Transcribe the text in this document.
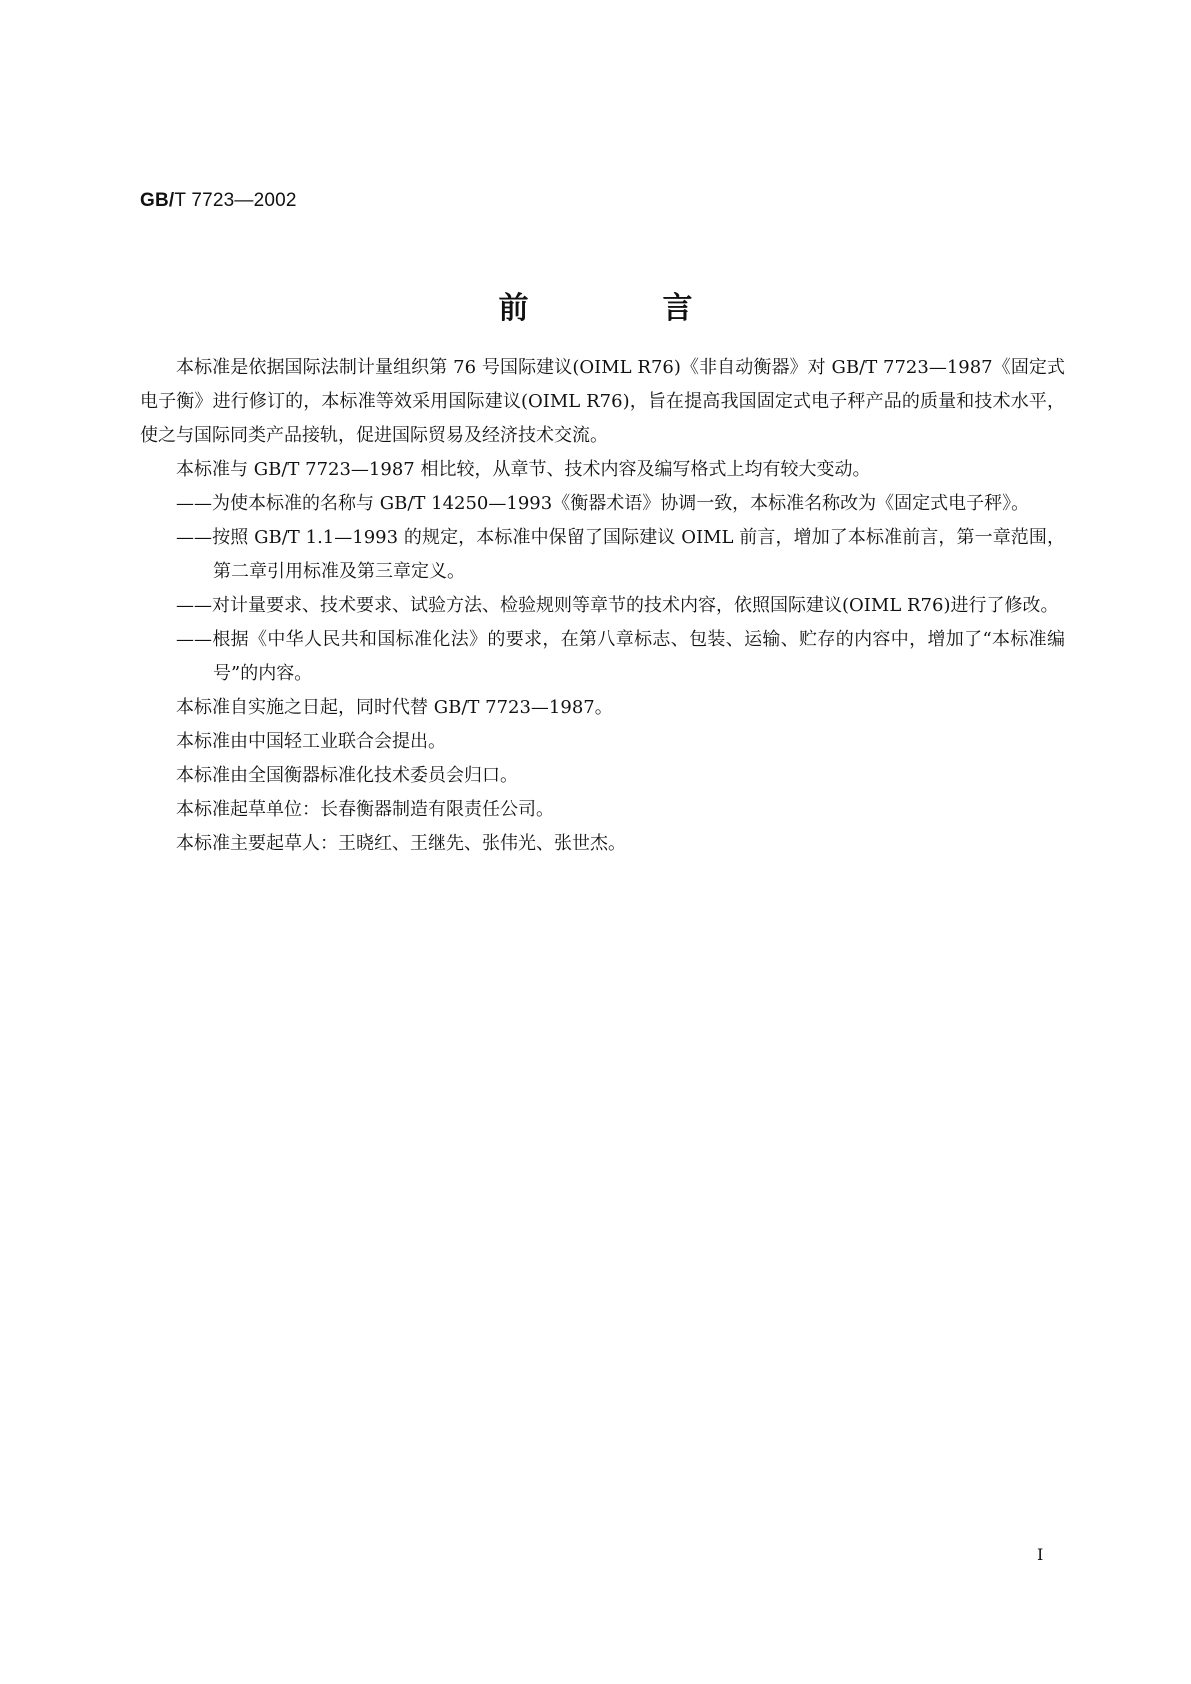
GB/T 7723—2002
前　言

本标准是依据国际法制计量组织第 76 号国际建议(OIML R76)《非自动衡器》对 GB/T 7723—1987《固定式电子衡》进行修订的，本标准等效采用国际建议(OIML R76)，旨在提高我国固定式电子秤产品的质量和技术水平，使之与国际同类产品接轨，促进国际贸易及经济技术交流。

本标准与 GB/T 7723—1987 相比较，从章节、技术内容及编写格式上均有较大变动。

——为使本标准的名称与 GB/T 14250—1993《衡器术语》协调一致，本标准名称改为《固定式电子秤》。

——按照 GB/T 1.1—1993 的规定，本标准中保留了国际建议 OIML 前言，增加了本标准前言，第一章范围，第二章引用标准及第三章定义。

——对计量要求、技术要求、试验方法、检验规则等章节的技术内容，依照国际建议(OIML R76)进行了修改。

——根据《中华人民共和国标准化法》的要求，在第八章标志、包装、运输、贮存的内容中，增加了“本标准编号”的内容。

本标准自实施之日起，同时代替 GB/T 7723—1987。

本标准由中国轻工业联合会提出。

本标准由全国衡器标准化技术委员会归口。

本标准起草单位：长春衡器制造有限责任公司。

本标准主要起草人：王晓红、王继先、张伟光、张世杰。

I
